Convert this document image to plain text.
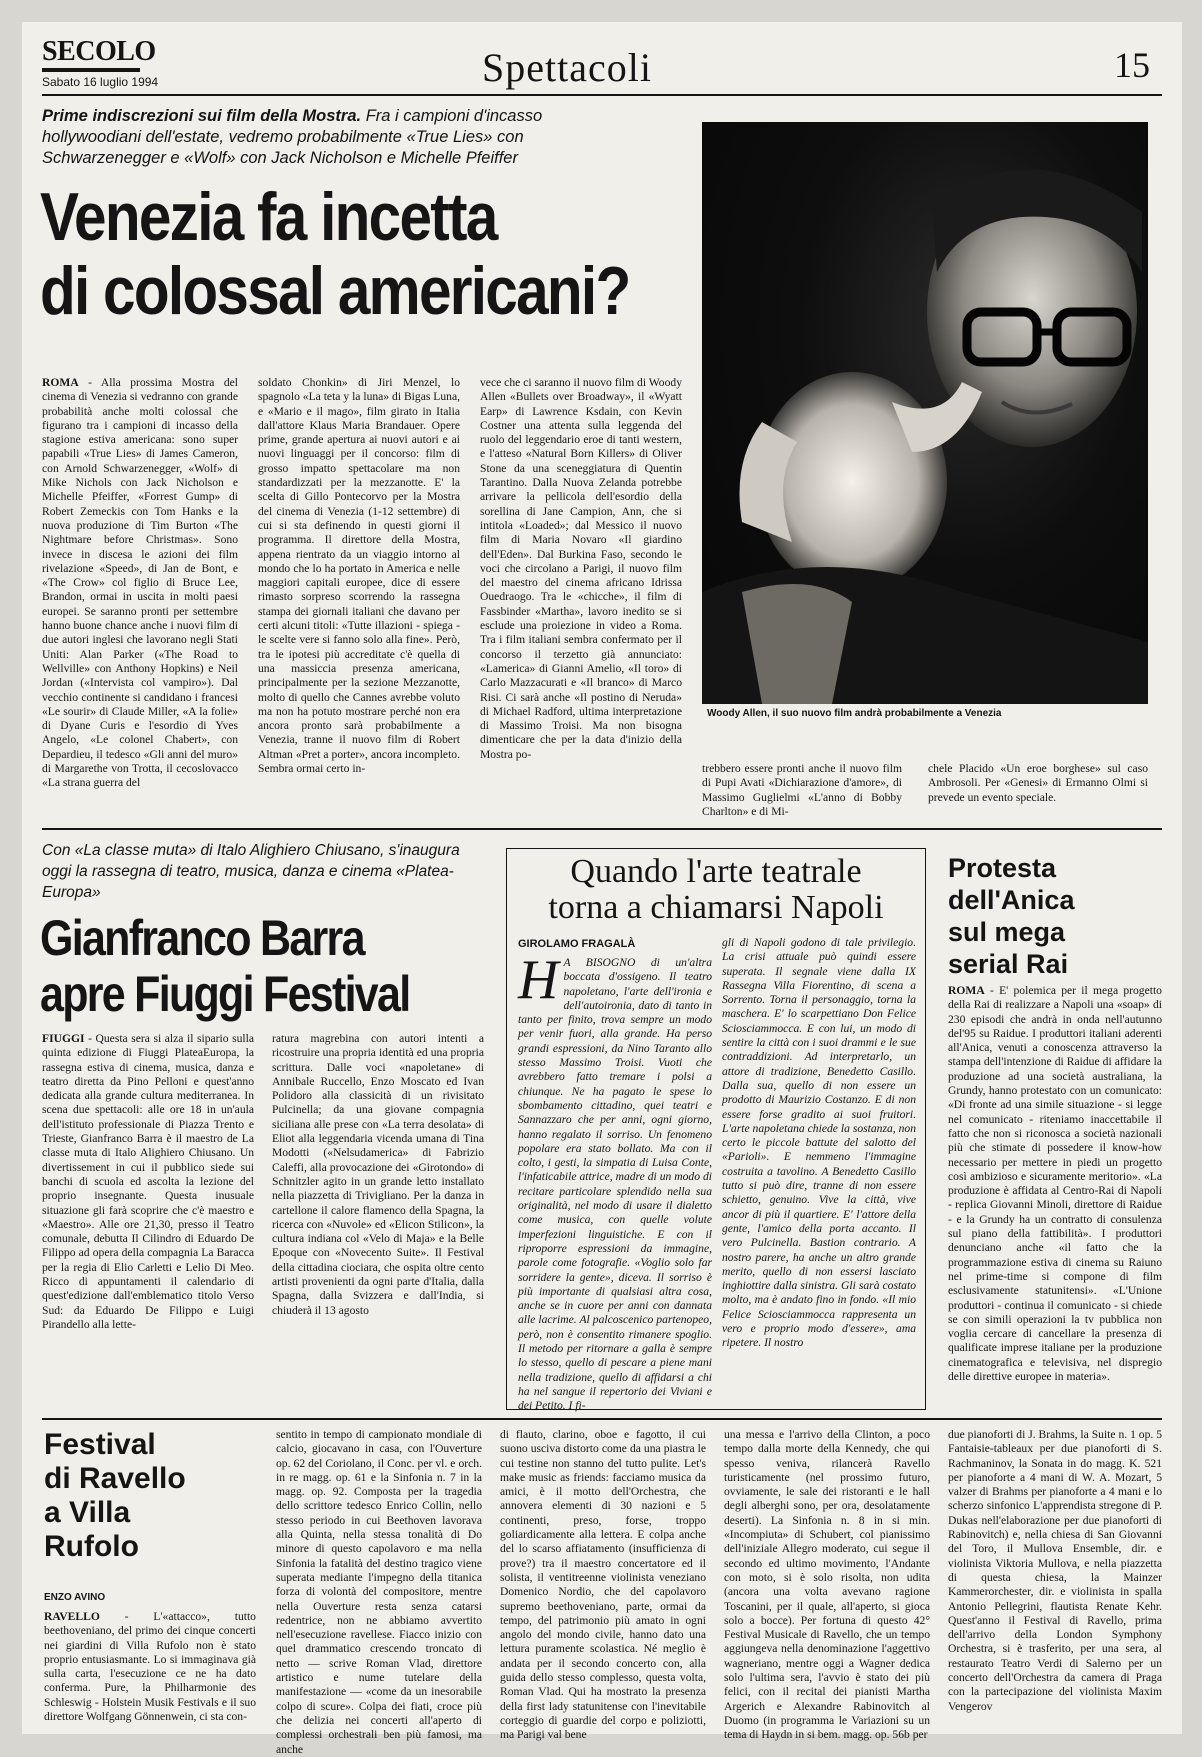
SECOLO
Sabato 16 luglio 1994	Spettacoli	15
Prime indiscrezioni sui film della Mostra. Fra i campioni d'incasso hollywoodiani dell'estate, vedremo probabilmente «True Lies» con Schwarzenegger e «Wolf» con Jack Nicholson e Michelle Pfeiffer
Venezia fa incetta
di colossal americani?
Woody Allen, il suo nuovo film andrà probabilmente a Venezia

ROMA - Alla prossima Mostra del cinema di Venezia si vedranno con grande probabilità anche molti colossal che figurano tra i campioni di incasso della stagione estiva americana: sono super papabili «True Lies» di James Cameron, con Arnold Schwarzenegger, «Wolf» di Mike Nichols con Jack Nicholson e Michelle Pfeiffer, «Forrest Gump» di Robert Zemeckis con Tom Hanks e la nuova produzione di Tim Burton «The Nightmare before Christmas». Sono invece in discesa le azioni dei film rivelazione «Speed», di Jan de Bont, e «The Crow» col figlio di Bruce Lee, Brandon, ormai in uscita in molti paesi europei. Se saranno pronti per settembre hanno buone chance anche i nuovi film di due autori inglesi che lavorano negli Stati Uniti: Alan Parker («The Road to Wellville» con Anthony Hopkins) e Neil Jordan («Intervista col vampiro»). Dal vecchio continente si candidano i francesi «Le sourir» di Claude Miller, «A la folie» di Dyane Curis e l'esordio di Yves Angelo, «Le colonel Chabert», con Depardieu, il tedesco «Gli anni del muro» di Margarethe von Trotta, il cecoslovacco «La strana guerra del

soldato Chonkin» di Jiri Menzel, lo spagnolo «La teta y la luna» di Bigas Luna, e «Mario e il mago», film girato in Italia dall'attore Klaus Maria Brandauer. Opere prime, grande apertura ai nuovi autori e ai nuovi linguaggi per il concorso: film di grosso impatto spettacolare ma non standardizzati per la mezzanotte. E' la scelta di Gillo Pontecorvo per la Mostra del cinema di Venezia (1-12 settembre) di cui si sta definendo in questi giorni il programma. Il direttore della Mostra, appena rientrato da un viaggio intorno al mondo che lo ha portato in America e nelle maggiori capitali europee, dice di essere rimasto sorpreso scorrendo la rassegna stampa dei giornali italiani che davano per certi alcuni titoli: «Tutte illazioni - spiega - le scelte vere si fanno solo alla fine». Però, tra le ipotesi più accreditate c'è quella di una massiccia presenza americana, principalmente per la sezione Mezzanotte, molto di quello che Cannes avrebbe voluto ma non ha potuto mostrare perché non era ancora pronto sarà probabilmente a Venezia, tranne il nuovo film di Robert Altman «Pret a porter», ancora incompleto. Sembra ormai certo in-

vece che ci saranno il nuovo film di Woody Allen «Bullets over Broadway», il «Wyatt Earp» di Lawrence Ksdain, con Kevin Costner una attenta sulla leggenda del ruolo del leggendario eroe di tanti western, e l'atteso «Natural Born Killers» di Oliver Stone da una sceneggiatura di Quentin Tarantino. Dalla Nuova Zelanda potrebbe arrivare la pellicola dell'esordio della sorellina di Jane Campion, Ann, che si intitola «Loaded»; dal Messico il nuovo film di Maria Novaro «Il giardino dell'Eden». Dal Burkina Faso, secondo le voci che circolano a Parigi, il nuovo film del maestro del cinema africano Idrissa Ouedraogo. Tra le «chicche», il film di Fassbinder «Martha», lavoro inedito se si esclude una proiezione in video a Roma. Tra i film italiani sembra confermato per il concorso il terzetto già annunciato: «Lamerica» di Gianni Amelio, «Il toro» di Carlo Mazzacurati e «Il branco» di Marco Risi. Ci sarà anche «Il postino di Neruda» di Michael Radford, ultima interpretazione di Massimo Troisi. Ma non bisogna dimenticare che per la data d'inizio della Mostra po-

trebbero essere pronti anche il nuovo film di Pupi Avati «Dichiarazione d'amore», di Massimo Guglielmi «L'anno di Bobby Charlton» e di Mi-

chele Placido «Un eroe borghese» sul caso Ambrosoli. Per «Genesi» di Ermanno Olmi si prevede un evento speciale.

Con «La classe muta» di Italo Alighiero Chiusano, s'inaugura oggi la rassegna di teatro, musica, danza e cinema «Platea-Europa»
Gianfranco Barra
apre Fiuggi Festival

FIUGGI - Questa sera si alza il sipario sulla quinta edizione di Fiuggi PlateaEuropa, la rassegna estiva di cinema, musica, danza e teatro diretta da Pino Pelloni e quest'anno dedicata alla grande cultura mediterranea. In scena due spettacoli: alle ore 18 in un'aula dell'istituto professionale di Piazza Trento e Trieste, Gianfranco Barra è il maestro de La classe muta di Italo Alighiero Chiusano. Un divertissement in cui il pubblico siede sui banchi di scuola ed ascolta la lezione del proprio insegnante. Questa inusuale situazione gli farà scoprire che c'è maestro e «Maestro». Alle ore 21,30, presso il Teatro comunale, debutta Il Cilindro di Eduardo De Filippo ad opera della compagnia La Baracca per la regia di Elio Carletti e Lelio Di Meo. Ricco di appuntamenti il calendario di quest'edizione dall'emblematico titolo Verso Sud: da Eduardo De Filippo e Luigi Pirandello alla lette-

ratura magrebina con autori intenti a ricostruire una propria identità ed una propria scrittura. Dalle voci «napoletane» di Annibale Ruccello, Enzo Moscato ed Ivan Polidoro alla classicità di un rivisitato Pulcinella; da una giovane compagnia siciliana alle prese con «La terra desolata» di Eliot alla leggendaria vicenda umana di Tina Modotti («Nelsudamerica» di Fabrizio Caleffi, alla provocazione dei «Girotondo» di Schnitzler agito in un grande letto installato nella piazzetta di Trivigliano. Per la danza in cartellone il calore flamenco della Spagna, la ricerca con «Nuvole» ed «Elicon Stilicon», la cultura indiana col «Velo di Maja» e la Belle Epoque con «Novecento Suite». Il Festival della cittadina ciociara, che ospita oltre cento artisti provenienti da ogni parte d'Italia, dalla Spagna, dalla Svizzera e dall'India, si chiuderà il 13 agosto

Quando l'arte teatrale
torna a chiamarsi Napoli
GIROLAMO FRAGALÀ
H A BISOGNO di un'altra boccata d'ossigeno. Il teatro napoletano, l'arte dell'ironia e dell'autoironia, dato di tanto in tanto per finito, trova sempre un modo per venir fuori, alla grande. Ha perso grandi espressioni, da Nino Taranto allo stesso Massimo Troisi. Vuoti che avrebbero fatto tremare i polsi a chiunque. Ne ha pagato le spese lo sbombamento cittadino, quei teatri e Sannazzaro che per anni, ogni giorno, hanno regalato il sorriso. Un fenomeno popolare era stato bollato. Ma con il colto, i gesti, la simpatia di Luisa Conte, l'infaticabile attrice, madre di un modo di recitare particolare splendido nella sua originalità, nel modo di usare il dialetto come musica, con quelle volute imperfezioni linguistiche. E con il riproporre espressioni da immagine, parole come fotografie. «Voglio solo far sorridere la gente», diceva. Il sorriso è più importante di qualsiasi altra cosa, anche se in cuore per anni con dannata alle lacrime. Al palcoscenico partenopeo, però, non è consentito rimanere spoglio. Il metodo per ritornare a galla è sempre lo stesso, quello di pescare a piene mani nella tradizione, quello di affidarsi a chi ha nel sangue il repertorio dei Viviani e dei Petito. I fi-

gli di Napoli godono di tale privilegio. La crisi attuale può quindi essere superata. Il segnale viene dalla IX Rassegna Villa Fiorentino, di scena a Sorrento. Torna il personaggio, torna la maschera. E' lo scarpettiano Don Felice Sciosciammocca. E con lui, un modo di sentire la città con i suoi drammi e le sue contraddizioni. Ad interpretarlo, un attore di tradizione, Benedetto Casillo. Dalla sua, quello di non essere un prodotto di Maurizio Costanzo. E di non essere forse gradito ai suoi fruitori. L'arte napoletana chiede la sostanza, non certo le piccole battute del salotto del «Parioli». E nemmeno l'immagine costruita a tavolino. A Benedetto Casillo tutto si può dire, tranne di non essere schietto, genuino. Vive la città, vive ancor di più il quartiere. E' l'attore della gente, l'amico della porta accanto. Il vero Pulcinella. Bastion contrario. A nostro parere, ha anche un altro grande merito, quello di non essersi lasciato inghiottire dalla sinistra. Gli sarà costato molto, ma è andato fino in fondo. «Il mio Felice Sciosciammocca rappresenta un vero e proprio modo d'essere», ama ripetere. Il nostro

Protesta
dell'Anica
sul mega
serial Rai

ROMA - E' polemica per il mega progetto della Rai di realizzare a Napoli una «soap» di 230 episodi che andrà in onda nell'autunno del'95 su Raidue. I produttori italiani aderenti all'Anica, venuti a conoscenza attraverso la stampa dell'intenzione di Raidue di affidare la produzione ad una società australiana, la Grundy, hanno protestato con un comunicato: «Di fronte ad una simile situazione - si legge nel comunicato - riteniamo inaccettabile il fatto che non si riconosca a società nazionali più che stimate di possedere il know-how necessario per mettere in piedi un progetto così ambizioso e sicuramente meritorio». «La produzione è affidata al Centro-Rai di Napoli - replica Giovanni Minoli, direttore di Raidue - e la Grundy ha un contratto di consulenza sul piano della fattibilità». I produttori denunciano anche «il fatto che la programmazione estiva di cinema su Raiuno nel prime-time si compone di film esclusivamente statunitensi». «L'Unione produttori - continua il comunicato - si chiede se con simili operazioni la tv pubblica non voglia cercare di cancellare la presenza di qualificate imprese italiane per la produzione cinematografica e televisiva, nel dispregio delle direttive europee in materia».

Festival
di Ravello
a Villa
Rufolo
ENZO AVINO

RAVELLO - L'«attacco», tutto beethoveniano, del primo dei cinque concerti nei giardini di Villa Rufolo non è stato proprio entusiasmante. Lo si immaginava già sulla carta, l'esecuzione ce ne ha dato conferma. Pure, la Philharmonie des Schleswig - Holstein Musik Festivals e il suo direttore Wolfgang Gönnenwein, ci sta con-

sentito in tempo di campionato mondiale di calcio, giocavano in casa, con l'Ouverture op. 62 del Coriolano, il Conc. per vl. e orch. in re magg. op. 61 e la Sinfonia n. 7 in la magg. op. 92. Composta per la tragedia dello scrittore tedesco Enrico Collin, nello stesso periodo in cui Beethoven lavorava alla Quinta, nella stessa tonalità di Do minore di questo capolavoro e ma nella Sinfonia la fatalità del destino tragico viene superata mediante l'impegno della titanica forza di volontà del compositore, mentre nella Ouverture resta senza catarsi redentrice, non ne abbiamo avvertito nell'esecuzione ravellese. Fiacco inizio con quel drammatico crescendo troncato di netto — scrive Roman Vlad, direttore artistico e nume tutelare della manifestazione — «come da un inesorabile colpo di scure». Colpa dei fiati, croce più che delizia nei concerti all'aperto di complessi orchestrali ben più famosi, ma anche

di flauto, clarino, oboe e fagotto, il cui suono usciva distorto come da una piastra le cui testine non stanno del tutto pulite. Let's make music as friends: facciamo musica da amici, è il motto dell'Orchestra, che annovera elementi di 30 nazioni e 5 continenti, preso, forse, troppo goliardicamente alla lettera. E colpa anche del lo scarso affiatamento (insufficienza di prove?) tra il maestro concertatore ed il solista, il ventitreenne violinista veneziano Domenico Nordio, che del capolavoro supremo beethoveniano, parte, ormai da tempo, del patrimonio più amato in ogni angolo del mondo civile, hanno dato una lettura puramente scolastica. Né meglio è andata per il secondo concerto con, alla guida dello stesso complesso, questa volta, Roman Vlad. Qui ha mostrato la presenza della first lady statunitense con l'inevitabile corteggio di guardie del corpo e poliziotti, ma Parigi val bene

una messa e l'arrivo della Clinton, a poco tempo dalla morte della Kennedy, che qui spesso veniva, rilancerà Ravello turisticamente (nel prossimo futuro, ovviamente, le sale dei ristoranti e le hall degli alberghi sono, per ora, desolatamente deserti). La Sinfonia n. 8 in si min. «Incompiuta» di Schubert, col pianissimo dell'iniziale Allegro moderato, cui segue il secondo ed ultimo movimento, l'Andante con moto, si è solo risolta, non udita (ancora una volta avevano ragione Toscanini, per il quale, all'aperto, si gioca solo a bocce). Per fortuna di questo 42° Festival Musicale di Ravello, che un tempo aggiungeva nella denominazione l'aggettivo wagneriano, mentre oggi a Wagner dedica solo l'ultima sera, l'avvio è stato dei più felici, con il recital dei pianisti Martha Argerich e Alexandre Rabinovitch al Duomo (in programma le Variazioni su un tema di Haydn in si bem. magg. op. 56b per

due pianoforti di J. Brahms, la Suite n. 1 op. 5 Fantaisie-tableaux per due pianoforti di S. Rachmaninov, la Sonata in do magg. K. 521 per pianoforte a 4 mani di W. A. Mozart, 5 valzer di Brahms per pianoforte a 4 mani e lo scherzo sinfonico L'apprendista stregone di P. Dukas nell'elaborazione per due pianoforti di Rabinovitch) e, nella chiesa di San Giovanni del Toro, il Mullova Ensemble, dir. e violinista Viktoria Mullova, e nella piazzetta di questa chiesa, la Mainzer Kammerorchester, dir. e violinista in spalla Antonio Pellegrini, flautista Renate Kehr. Quest'anno il Festival di Ravello, prima dell'arrivo della London Symphony Orchestra, si è trasferito, per una sera, al restaurato Teatro Verdi di Salerno per un concerto dell'Orchestra da camera di Praga con la partecipazione del violinista Maxim Vengerov
